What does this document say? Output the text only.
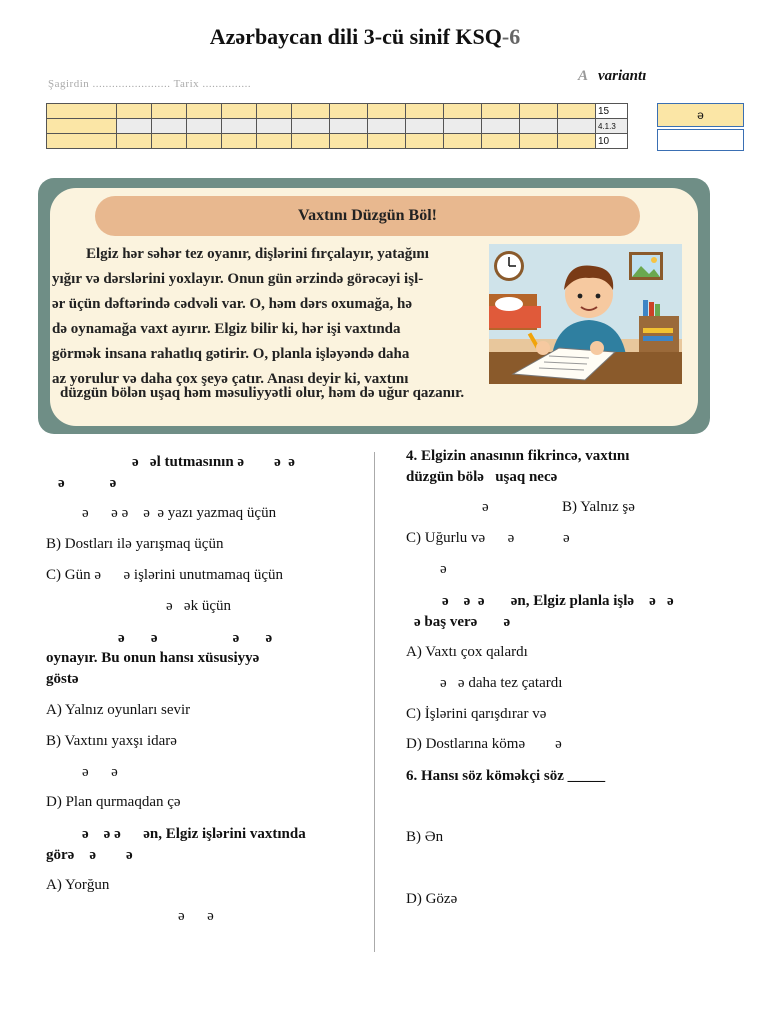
Azərbaycan dili 3-cü sinif KSQ-6
Şagirdin ........................ Tarix ...............	A variantı
														15
														4.1.3
														10
ə
Vaxtını Düzgün Böl!
Elgiz hər səhər tez oyanır, dişlərini fırçalayır, yatağını
yığır və dərslərini yoxlayır. Onun gün ərzində görəcəyi işl-
ər üçün dəftərində cədvəli var. O, həm dərs oxumağa, hə
də oynamağa vaxt ayırır. Elgiz bilir ki, hər işi vaxtında
görmək insana rahatlıq gətirir. O, planla işləyəndə daha
az yorulur və daha çox şeyə çatır. Anası deyir ki, vaxtını
düzgün bölən uşaq həm məsuliyyətli olur, həm də uğur qazanır.
ə   əl tutmasının ə        ə  ə
ə            ə
ə      ə ə    ə  ə yazı yazmaq üçün
B) Dostları ilə yarışmaq üçün
C) Gün ə      ə işlərini unutmamaq üçün
ə   ək üçün
ə       ə                    ə       ə
oynayır. Bu onun hansı xüsusiyyə
göstə
A) Yalnız oyunları sevir
B) Vaxtını yaxşı idarə
ə      ə
D) Plan qurmaqdan çə
ə    ə ə      ən, Elgiz işlərini vaxtında
görə    ə        ə
A) Yorğun
ə      ə
4. Elgizin anasının fikrincə, vaxtını
düzgün bölə   uşaq necə
ə	B) Yalnız şə
C) Uğurlu və      ə             ə
ə
ə    ə  ə       ən, Elgiz planla işlə    ə   ə
ə baş verə       ə
A) Vaxtı çox qalardı
ə   ə daha tez çatardı
C) İşlərini qarışdırar və
D) Dostlarına kömə        ə
6. Hansı söz köməkçi söz _____
B) Ən
D) Gözə
